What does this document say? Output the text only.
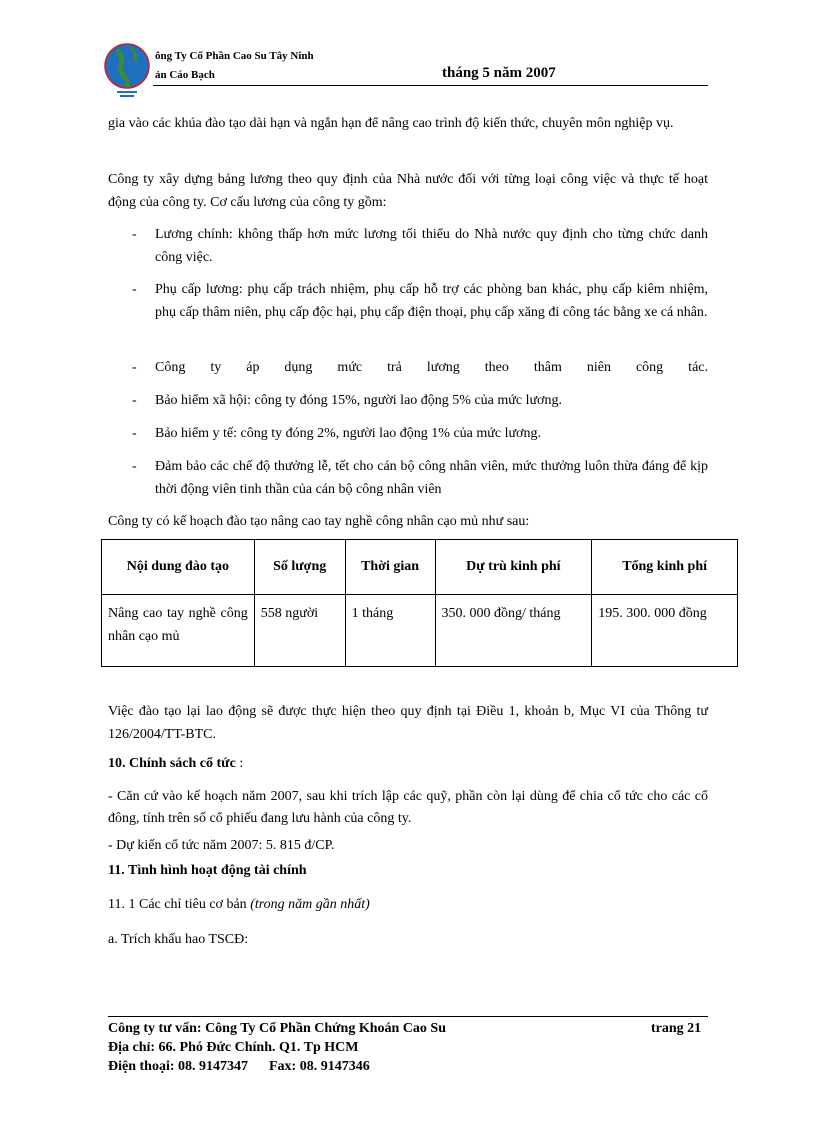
ông Ty Cổ Phần Cao Su Tây Ninh
ản Cáo Bạch	tháng 5 năm 2007
gia vào các khúa đào tạo dài hạn và ngắn hạn để nâng cao trình độ kiến thức, chuyên môn nghiệp vụ.
Công ty xây dựng bảng lương theo quy định của Nhà nước đối với từng loại công việc và thực tế hoạt động của công ty. Cơ cấu lương của công ty gồm:
- Lương chính: không thấp hơn mức lương tối thiểu do Nhà nước quy định cho từng chức danh công việc.
- Phụ cấp lương: phụ cấp trách nhiệm, phụ cấp hỗ trợ các phòng ban khác, phụ cấp kiêm nhiệm, phụ cấp thâm niên, phụ cấp độc hại, phụ cấp điện thoại, phụ cấp xăng đi công tác bằng xe cá nhân.
- Công ty áp dụng mức trả lương theo thâm niên công tác.
- Bảo hiểm xã hội: công ty đóng 15%, người lao động 5% của mức lương.
- Bảo hiểm y tế: công ty đóng 2%, người lao động 1% của mức lương.
- Đảm bảo các chế độ thưởng lễ, tết cho cán bộ công nhân viên, mức thưởng luôn thừa đáng để kịp thời động viên tinh thần của cán bộ công nhân viên
Công ty có kế hoạch đào tạo nâng cao tay nghề công nhân cạo mủ như sau:
Nội dung đào tạo	Số lượng	Thời gian	Dự trù kinh phí	Tổng kinh phí
Nâng cao tay nghề công nhân cạo mủ	558 người	1 tháng	350. 000 đồng/ tháng	195. 300. 000 đồng
Việc đào tạo lại lao động sẽ được thực hiện theo quy định tại Điều 1, khoản b, Mục VI của Thông tư 126/2004/TT-BTC.
10. Chính sách cổ tức :
- Căn cứ vào kế hoạch năm 2007, sau khi trích lập các quỹ, phần còn lại dùng để chia cổ tức cho các cổ đông, tính trên số cổ phiếu đang lưu hành của công ty.
- Dự kiến cổ tức năm 2007: 5. 815 đ/CP.
11. Tình hình hoạt động tài chính
11. 1 Các chỉ tiêu cơ bản (trong năm gần nhất)
a. Trích khấu hao TSCĐ:
Công ty tư vấn: Công Ty Cổ Phần Chứng Khoán Cao Su	trang 21
Địa chỉ: 66. Phó Đức Chính. Q1. Tp HCM
Điện thoại: 08. 9147347      Fax: 08. 9147346
